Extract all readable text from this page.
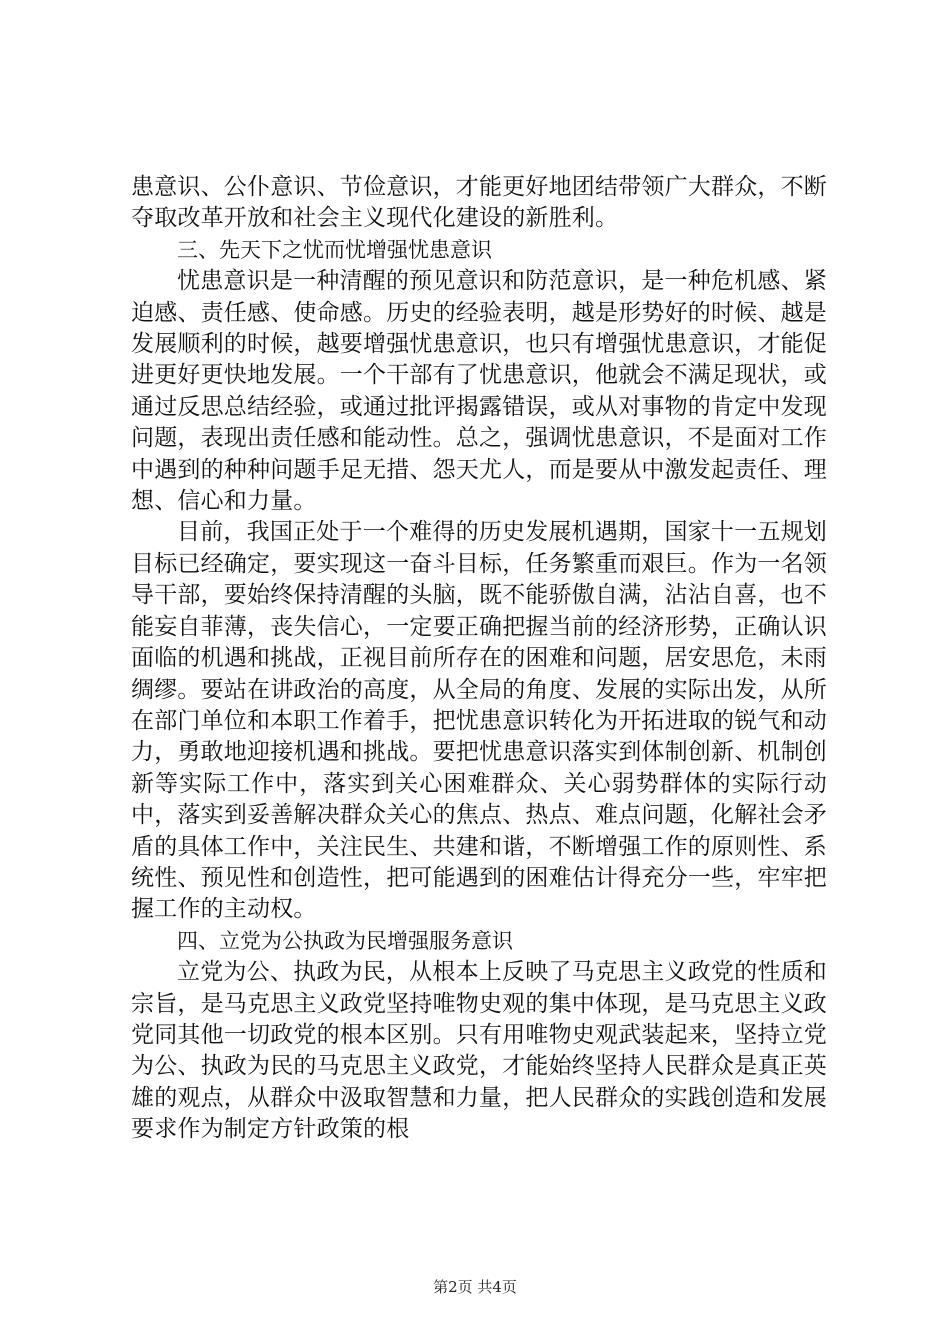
患意识、公仆意识、节俭意识，才能更好地团结带领广大群众，不断夺取改革开放和社会主义现代化建设的新胜利。

三、先天下之忧而忧增强忧患意识

忧患意识是一种清醒的预见意识和防范意识，是一种危机感、紧迫感、责任感、使命感。历史的经验表明，越是形势好的时候、越是发展顺利的时候，越要增强忧患意识，也只有增强忧患意识，才能促进更好更快地发展。一个干部有了忧患意识，他就会不满足现状，或通过反思总结经验，或通过批评揭露错误，或从对事物的肯定中发现问题，表现出责任感和能动性。总之，强调忧患意识，不是面对工作中遇到的种种问题手足无措、怨天尤人，而是要从中激发起责任、理想、信心和力量。

目前，我国正处于一个难得的历史发展机遇期，国家十一五规划目标已经确定，要实现这一奋斗目标，任务繁重而艰巨。作为一名领导干部，要始终保持清醒的头脑，既不能骄傲自满，沾沾自喜，也不能妄自菲薄，丧失信心，一定要正确把握当前的经济形势，正确认识面临的机遇和挑战，正视目前所存在的困难和问题，居安思危，未雨绸缪。要站在讲政治的高度，从全局的角度、发展的实际出发，从所在部门单位和本职工作着手，把忧患意识转化为开拓进取的锐气和动力，勇敢地迎接机遇和挑战。要把忧患意识落实到体制创新、机制创新等实际工作中，落实到关心困难群众、关心弱势群体的实际行动中，落实到妥善解决群众关心的焦点、热点、难点问题，化解社会矛盾的具体工作中，关注民生、共建和谐，不断增强工作的原则性、系统性、预见性和创造性，把可能遇到的困难估计得充分一些，牢牢把握工作的主动权。

四、立党为公执政为民增强服务意识

立党为公、执政为民，从根本上反映了马克思主义政党的性质和宗旨，是马克思主义政党坚持唯物史观的集中体现，是马克思主义政党同其他一切政党的根本区别。只有用唯物史观武装起来，坚持立党为公、执政为民的马克思主义政党，才能始终坚持人民群众是真正英雄的观点，从群众中汲取智慧和力量，把人民群众的实践创造和发展要求作为制定方针政策的根

第2页 共4页
